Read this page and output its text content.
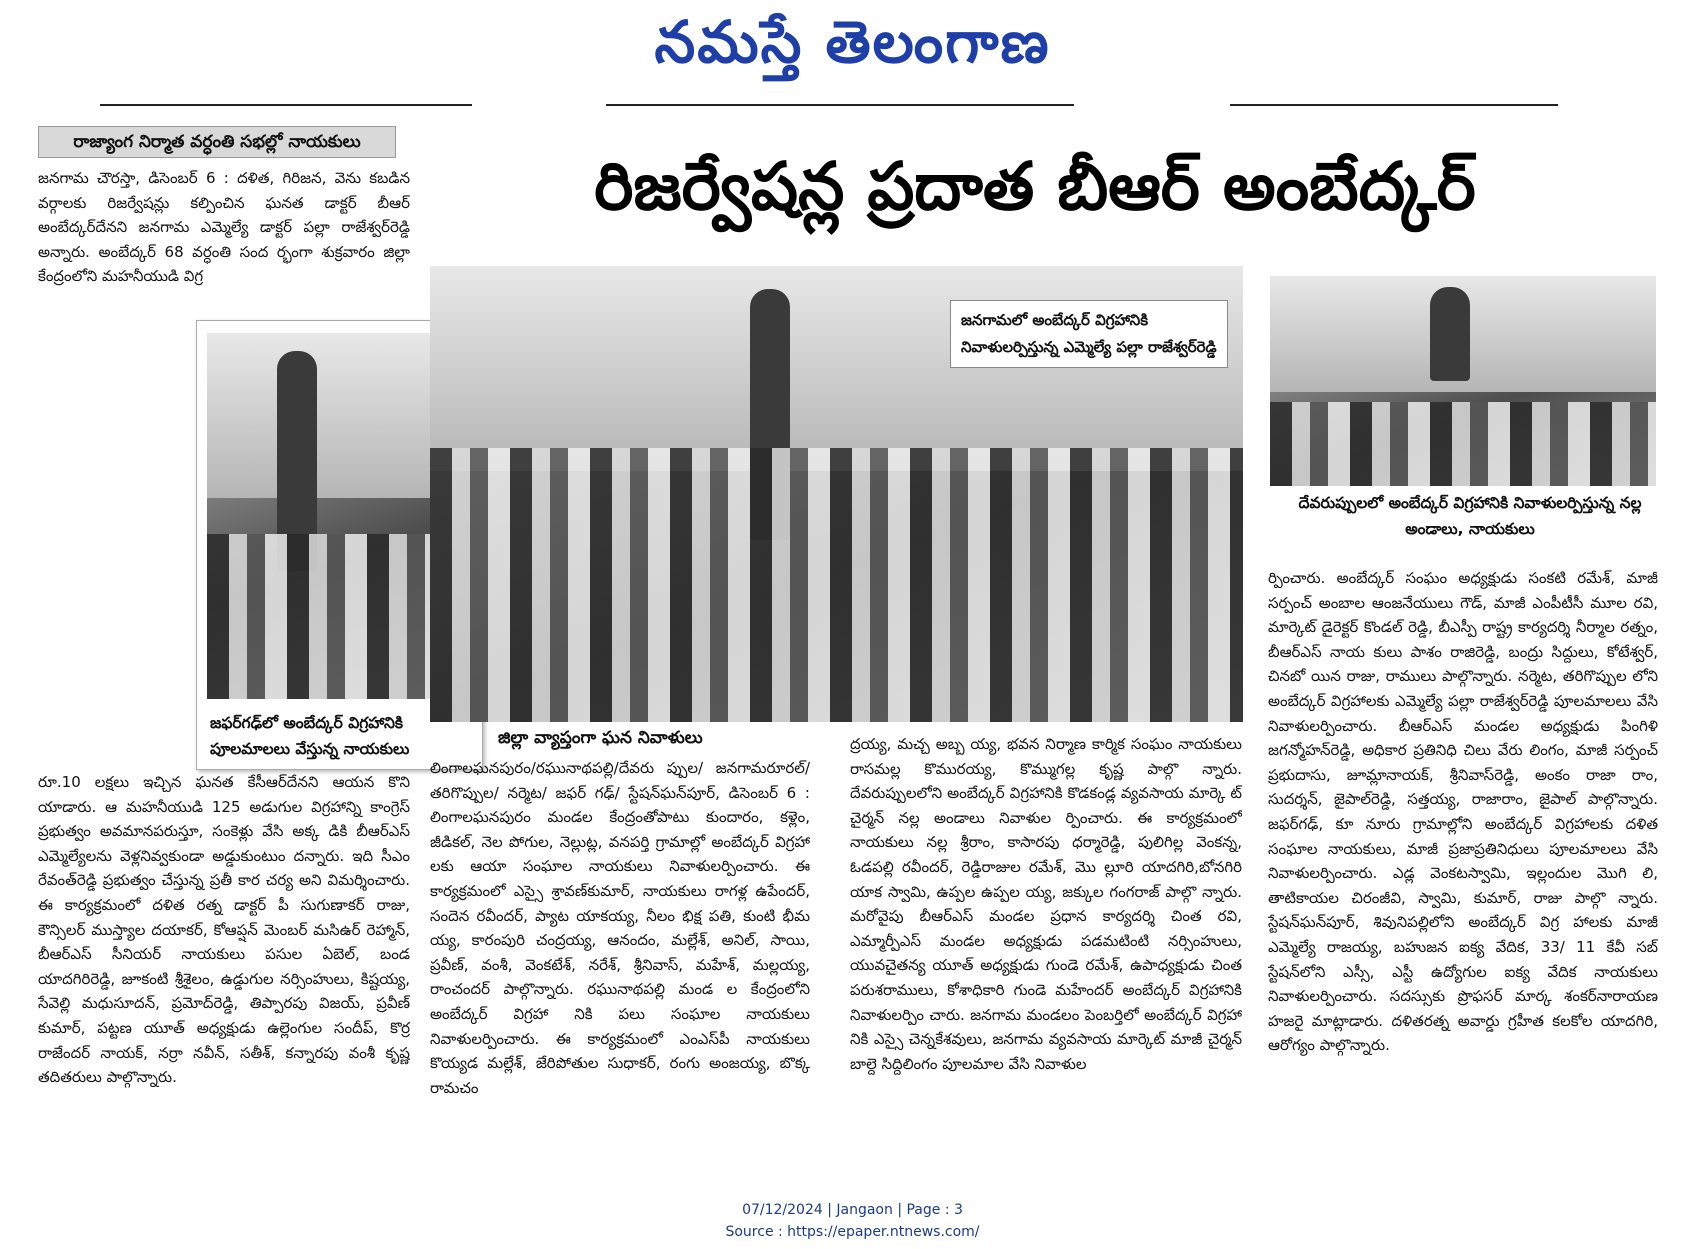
నమస్తే తెలంగాణ
రాజ్యాంగ నిర్మాత వర్ధంతి సభల్లో నాయకులు
రిజర్వేషన్ల ప్రదాత బీఆర్ అంబేద్కర్
జనగామ చౌరస్తా, డిసెంబర్ 6 : దళిత, గిరిజన, వెను కబడిన వర్గాలకు రిజర్వేషన్లు కల్పించిన ఘనత డాక్టర్ బీఆర్ అంబేద్కర్‌దేనని జనగామ ఎమ్మెల్యే డాక్టర్ పల్లా రాజేశ్వర్‌రెడ్డి అన్నారు. అంబేద్కర్ 68 వర్ధంతి సంద ర్భంగా శుక్రవారం జిల్లా కేంద్రంలోని మహనీయుడి విగ్ర
జఫర్‌గఢ్‌లో అంబేద్కర్ విగ్రహానికి పూలమాలలు వేస్తున్న నాయకులు
రూ.10 లక్షలు ఇచ్చిన ఘనత కేసీఆర్‌దేనని ఆయన కొని యాడారు. ఆ మహనీయుడి 125 అడుగుల విగ్రహాన్ని కాంగ్రెస్ ప్రభుత్వం అవమానపరుస్తూ, సంకెళ్లు వేసి అక్క డికి బీఆర్‌ఎస్ ఎమ్మెల్యేలను వెళ్లనివ్వకుండా అడ్డుకుంటుం దన్నారు. ఇది సీఎం రేవంత్‌రెడ్డి ప్రభుత్వం చేస్తున్న ప్రతీ కార చర్య అని విమర్శించారు. ఈ కార్యక్రమంలో దళిత రత్న డాక్టర్ పీ సుగుణాకర్ రాజు, కౌన్సిలర్ ముస్త్యాల దయాకర్, కోఆప్షన్ మెంబర్ మసిఉర్ రెహ్మాన్, బీఆర్‌ఎస్ సీనియర్ నాయకులు పసుల ఏబెల్, బండ యాదగిరిరెడ్డి, జూకంటి శ్రీశైలం, ఉడ్డుగుల నర్సింహులు, కిష్టయ్య, సేవెల్లి మధుసూదన్, ప్రమోద్‌రెడ్డి, తిప్పారపు విజయ్, ప్రవీణ్ కుమార్, పట్టణ యూత్ అధ్యక్షుడు ఉల్లెంగుల సందీప్, కొర్ర రాజేందర్ నాయక్, నర్రా నవీన్, సతీశ్, కన్నారపు వంశీ కృష్ణ తదితరులు పాల్గొన్నారు.
జనగామలో అంబేద్కర్ విగ్రహానికి నివాళులర్పిస్తున్న ఎమ్మెల్యే పల్లా రాజేశ్వర్‌రెడ్డి
జిల్లా వ్యాప్తంగా ఘన నివాళులు
లింగాలఘనపురం/రఘునాథపల్లి/దేవరు ప్పుల/ జనగామరూరల్/ తరిగొప్పుల/ నర్మెట/ జఫర్ గఢ్/ స్టేషన్‌ఘన్‌పూర్, డిసెంబర్ 6 : లింగాలఘనపురం మండల కేంద్రంతోపాటు కుందారం, కళ్లెం, జీడికల్, నెల పోగుల, నెల్లుట్ల, వనపర్తి గ్రామాల్లో అంబేద్కర్ విగ్రహా లకు ఆయా సంఘాల నాయకులు నివాళులర్పించారు. ఈ కార్యక్రమంలో ఎస్సై శ్రావణ్‌కుమార్, నాయకులు రాగళ్ల ఉపేందర్, సందెన రవీందర్, ప్యాట యాకయ్య, నీలం భిక్ష పతి, కుంటి భీమ య్య, కారంపురి చంద్రయ్య, ఆనందం, మల్లేశ్, అనిల్, సాయి, ప్రవీణ్, వంశీ, వెంకటేశ్, నరేశ్, శ్రీనివాస్, మహేశ్, మల్లయ్య, రాంచందర్ పాల్గొన్నారు. రఘునాథపల్లి మండ ల కేంద్రంలోని అంబేద్కర్ విగ్రహా నికి పలు సంఘాల నాయకులు నివాళులర్పించారు. ఈ కార్యక్రమంలో ఎంఎస్‌పీ నాయకులు కొయ్యడ మల్లేశ్, జేరిపోతుల సుధాకర్, రంగు అంజయ్య, బొక్క రామచం
ద్రయ్య, మచ్చ అబ్బ య్య, భవన నిర్మాణ కార్మిక సంఘం నాయకులు రాసమల్ల కొమురయ్య, కొమ్ముగల్ల కృష్ణ పాల్గొ న్నారు. దేవరుప్పులలోని అంబేద్కర్ విగ్రహానికి కొడకండ్ల వ్యవసాయ మార్కె ట్ చైర్మన్ నల్ల అండాలు నివాళుల ర్పించారు. ఈ కార్యక్రమంలో నాయకులు నల్ల శ్రీరాం, కాసారపు ధర్మారెడ్డి, పులిగిల్ల వెంకన్న, ఓడపల్లి రవీందర్, రెడ్డిరాజుల రమేశ్, మొ ల్లూరి యాదగిరి,బోనగిరి యాక స్వామి, ఉప్పల ఉప్పల య్య, జక్కుల గంగరాజ్ పాల్గొ న్నారు. మరోవైపు బీఆర్‌ఎస్ మండల ప్రధాన కార్యదర్శి చింత రవి, ఎమ్మార్పీఎస్ మండల అధ్యక్షుడు పడమటింటి నర్సింహులు, యువచైతన్య యూత్ అధ్యక్షుడు గుండె రమేశ్, ఉపాధ్యక్షుడు చింత పరుశరాములు, కోశాధికారి గుండె మహేందర్ అంబేద్కర్ విగ్రహానికి నివాళులర్పిం చారు. జనగామ మండలం పెంబర్తిలో అంబేద్కర్ విగ్రహా నికి ఎస్సై చెన్నకేశవులు, జనగామ వ్యవసాయ మార్కెట్ మాజీ చైర్మన్ బాల్దె సిద్దిలింగం పూలమాల వేసి నివాళుల
దేవరుప్పులలో అంబేద్కర్ విగ్రహానికి నివాళులర్పిస్తున్న నల్ల అండాలు, నాయకులు
ర్పించారు. అంబేద్కర్ సంఘం అధ్యక్షుడు సంకటి రమేశ్, మాజీ సర్పంచ్ అంబాల ఆంజనేయులు గౌడ్, మాజీ ఎంపీటీసీ మూల రవి, మార్కెట్ డైరెక్టర్ కొండల్ రెడ్డి, బీఎస్పీ రాష్ట్ర కార్యదర్శి నీర్మాల రత్నం, బీఆర్‌ఎస్ నాయ కులు పాశం రాజిరెడ్డి, బంద్రు సిద్దులు, కోటేశ్వర్, చినబో యిన రాజు, రాములు పాల్గొన్నారు. నర్మెట, తరిగొప్పుల లోని అంబేద్కర్ విగ్రహాలకు ఎమ్మెల్యే పల్లా రాజేశ్వర్‌రెడ్డి పూలమాలలు వేసి నివాళులర్పించారు. బీఆర్‌ఎస్ మండల అధ్యక్షుడు పింగిళి జగన్మోహన్‌రెడ్డి, అధికార ప్రతినిధి చిలు వేరు లింగం, మాజీ సర్పంచ్ ప్రభుదాసు, జూమ్లానాయక్, శ్రీనివాస్‌రెడ్డి, అంకం రాజా రాం, సుదర్శన్, జైపాల్‌రెడ్డి, సత్తయ్య, రాజారాం, జైపాల్ పాల్గొన్నారు. జఫర్‌గఢ్, కూ నూరు గ్రామాల్లోని అంబేద్కర్ విగ్రహాలకు దళిత సంఘాల నాయకులు, మాజీ ప్రజాప్రతినిధులు పూలమాలలు వేసి నివాళులర్పించారు. ఎడ్ల వెంకటస్వామి, ఇల్లందుల మొగి లి, తాటికాయల చిరంజీవి, స్వామి, కుమార్, రాజు పాల్గొ న్నారు. స్టేషన్‌ఘన్‌పూర్, శివునిపల్లిలోని అంబేద్కర్ విగ్ర హాలకు మాజీ ఎమ్మెల్యే రాజయ్య, బహుజన ఐక్య వేదిక, 33/ 11 కేవీ సబ్ స్టేషన్‌లోని ఎస్సీ, ఎస్టీ ఉద్యోగుల ఐక్య వేదిక నాయకులు నివాళులర్పించారు. సదస్సుకు ప్రొఫసర్ మార్క శంకర్‌నారాయణ హజరై మాట్లాడారు. దళితరత్న అవార్డు గ్రహీత కలకోల యాదగిరి, ఆరోగ్యం పాల్గొన్నారు.
07/12/2024 | Jangaon | Page : 3
Source : https://epaper.ntnews.com/
